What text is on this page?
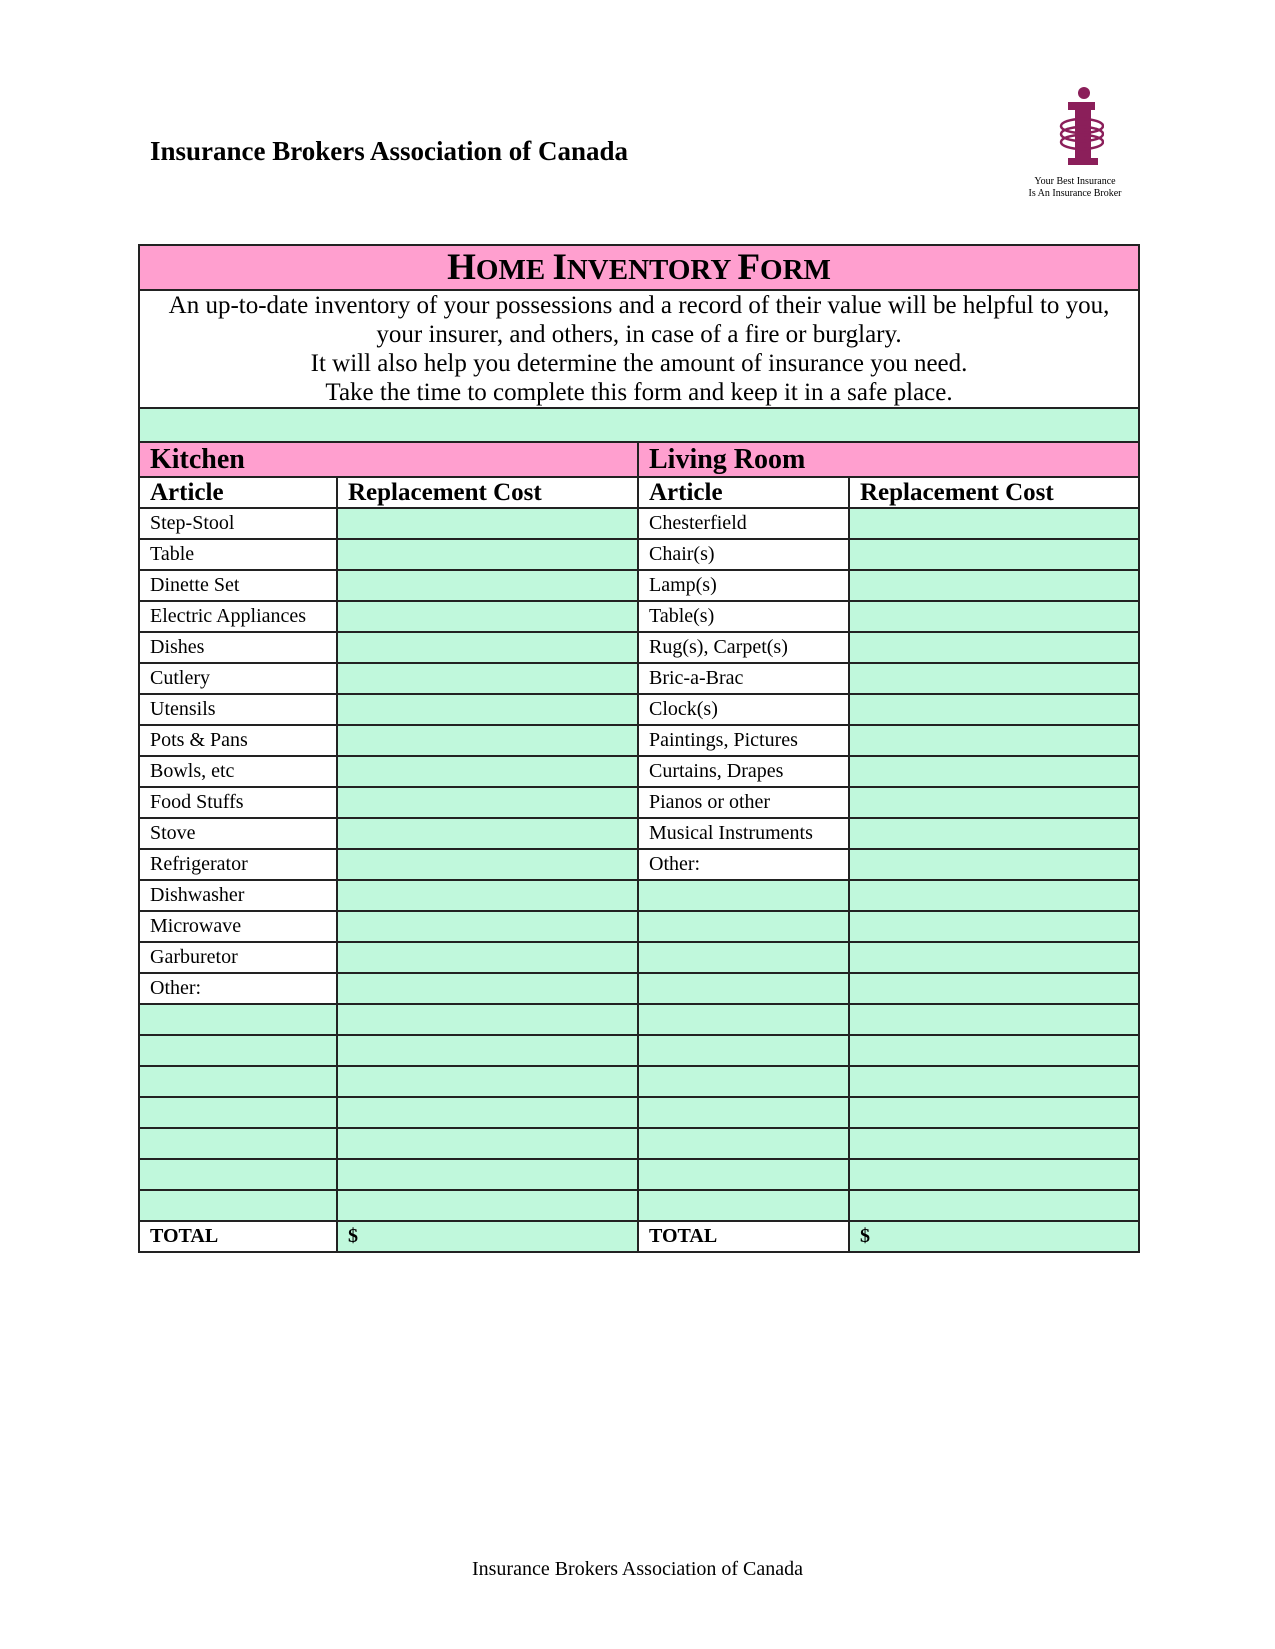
Insurance Brokers Association of Canada
Your Best Insurance
Is An Insurance Broker
HOME INVENTORY FORM			

An up-to-date inventory of your possessions and a record of their value will be helpful to you,
your insurer, and others, in case of a fire or burglary.
It will also help you determine the amount of insurance you need.
Take the time to complete this form and keep it in a safe place.			

Kitchen		Living Room	
Article	Replacement Cost	Article	Replacement Cost
Step-Stool		Chesterfield	
Table		Chair(s)	
Dinette Set		Lamp(s)	
Electric Appliances		Table(s)	
Dishes		Rug(s), Carpet(s)	
Cutlery		Bric-a-Brac	
Utensils		Clock(s)	
Pots & Pans		Paintings, Pictures	
Bowls, etc		Curtains, Drapes	
Food Stuffs		Pianos or other	
Stove		Musical Instruments	
Refrigerator		Other:	
Dishwasher			
Microwave			
Garburetor			
Other:			

TOTAL	$	TOTAL	$
Insurance Brokers Association of Canada
